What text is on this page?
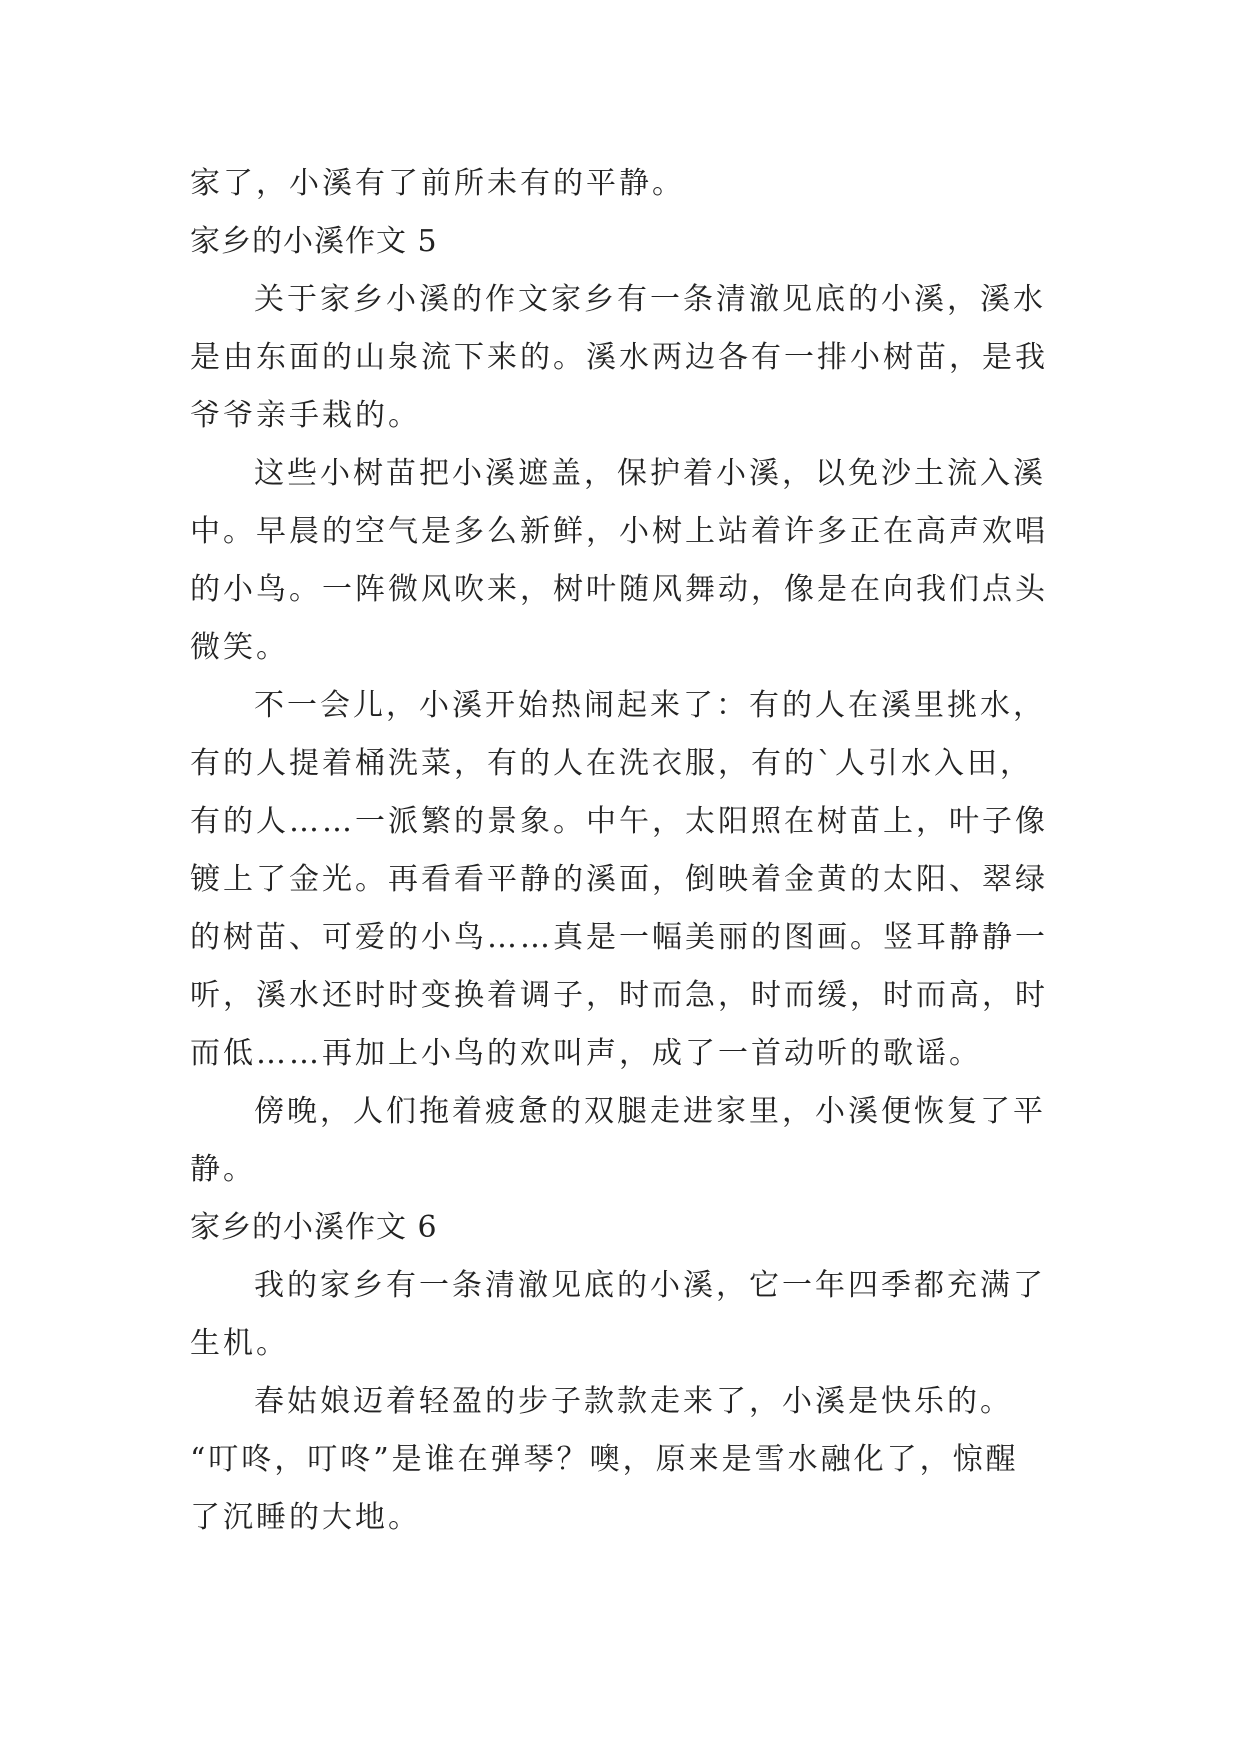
家了，小溪有了前所未有的平静。
家乡的小溪作文 5
关于家乡小溪的作文家乡有一条清澈见底的小溪，溪水
是由东面的山泉流下来的。溪水两边各有一排小树苗，是我
爷爷亲手栽的。
这些小树苗把小溪遮盖，保护着小溪，以免沙土流入溪
中。早晨的空气是多么新鲜，小树上站着许多正在高声欢唱
的小鸟。一阵微风吹来，树叶随风舞动，像是在向我们点头
微笑。
不一会儿，小溪开始热闹起来了：有的人在溪里挑水，
有的人提着桶洗菜，有的人在洗衣服，有的`人引水入田，
有的人……一派繁的景象。中午，太阳照在树苗上，叶子像
镀上了金光。再看看平静的溪面，倒映着金黄的太阳、翠绿
的树苗、可爱的小鸟……真是一幅美丽的图画。竖耳静静一
听，溪水还时时变换着调子，时而急，时而缓，时而高，时
而低……再加上小鸟的欢叫声，成了一首动听的歌谣。
傍晚，人们拖着疲惫的双腿走进家里，小溪便恢复了平
静。
家乡的小溪作文 6
我的家乡有一条清澈见底的小溪，它一年四季都充满了
生机。
春姑娘迈着轻盈的步子款款走来了，小溪是快乐的。
“叮咚，叮咚”是谁在弹琴？噢，原来是雪水融化了，惊醒
了沉睡的大地。
